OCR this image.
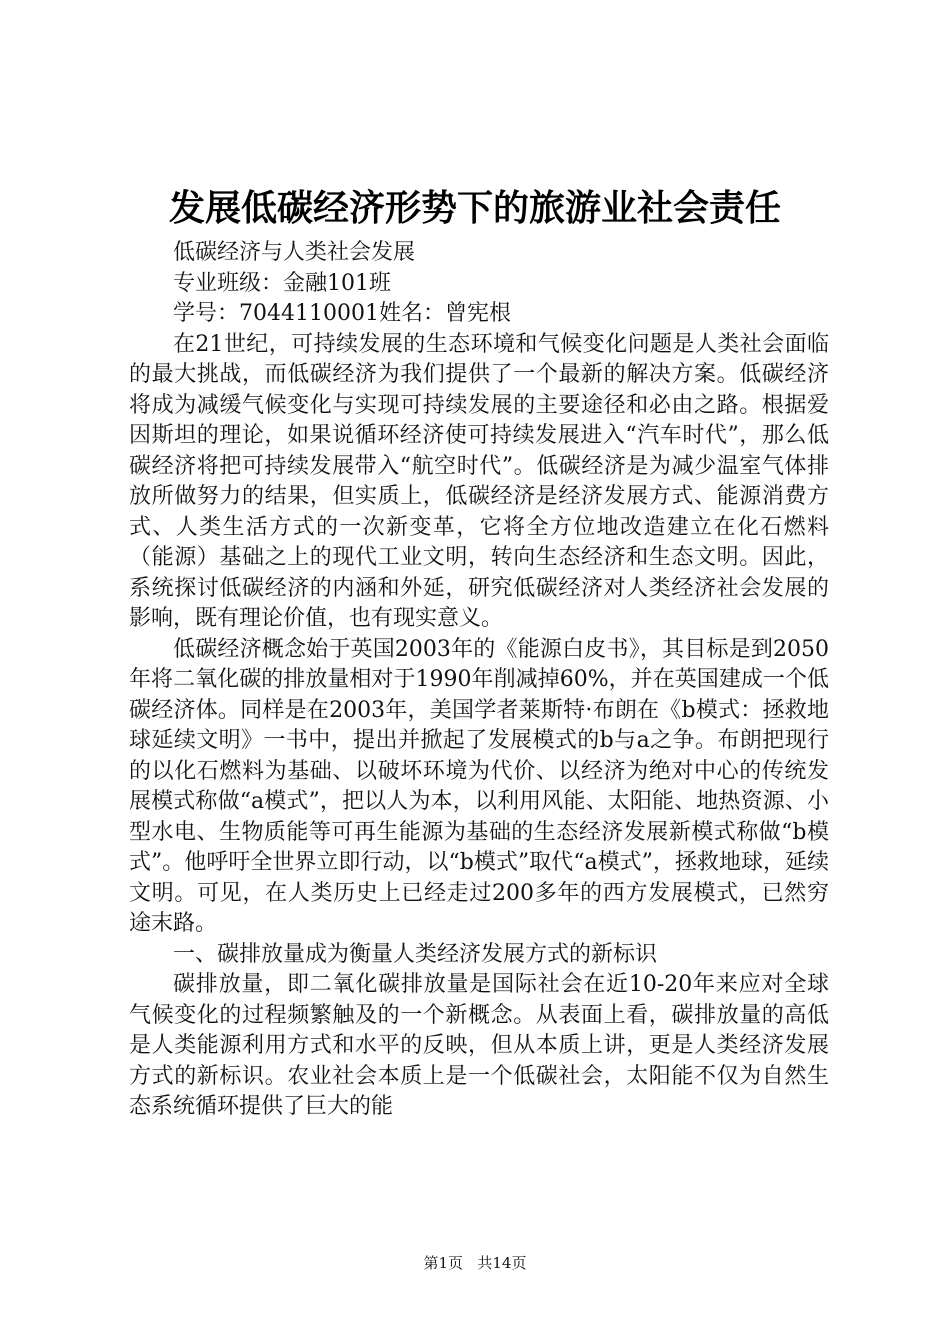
发展低碳经济形势下的旅游业社会责任

低碳经济与人类社会发展

专业班级：金融101班

学号：7044110001姓名：曾宪根

在21世纪，可持续发展的生态环境和气候变化问题是人类社会面临的最大挑战，而低碳经济为我们提供了一个最新的解决方案。低碳经济将成为减缓气候变化与实现可持续发展的主要途径和必由之路。根据爱因斯坦的理论，如果说循环经济使可持续发展进入“汽车时代”，那么低碳经济将把可持续发展带入“航空时代”。低碳经济是为减少温室气体排放所做努力的结果，但实质上，低碳经济是经济发展方式、能源消费方式、人类生活方式的一次新变革，它将全方位地改造建立在化石燃料（能源）基础之上的现代工业文明，转向生态经济和生态文明。因此，系统探讨低碳经济的内涵和外延，研究低碳经济对人类经济社会发展的影响，既有理论价值，也有现实意义。

低碳经济概念始于英国2003年的《能源白皮书》，其目标是到2050年将二氧化碳的排放量相对于1990年削减掉60%，并在英国建成一个低碳经济体。同样是在2003年，美国学者莱斯特·布朗在《b模式：拯救地球延续文明》一书中，提出并掀起了发展模式的b与a之争。布朗把现行的以化石燃料为基础、以破坏环境为代价、以经济为绝对中心的传统发展模式称做“a模式”，把以人为本，以利用风能、太阳能、地热资源、小型水电、生物质能等可再生能源为基础的生态经济发展新模式称做“b模式”。他呼吁全世界立即行动，以“b模式”取代“a模式”，拯救地球，延续文明。可见，在人类历史上已经走过200多年的西方发展模式，已然穷途末路。

一、碳排放量成为衡量人类经济发展方式的新标识

碳排放量，即二氧化碳排放量是国际社会在近10-20年来应对全球气候变化的过程频繁触及的一个新概念。从表面上看，碳排放量的高低是人类能源利用方式和水平的反映，但从本质上讲，更是人类经济发展方式的新标识。农业社会本质上是一个低碳社会，太阳能不仅为自然生态系统循环提供了巨大的能

第1页 共14页
